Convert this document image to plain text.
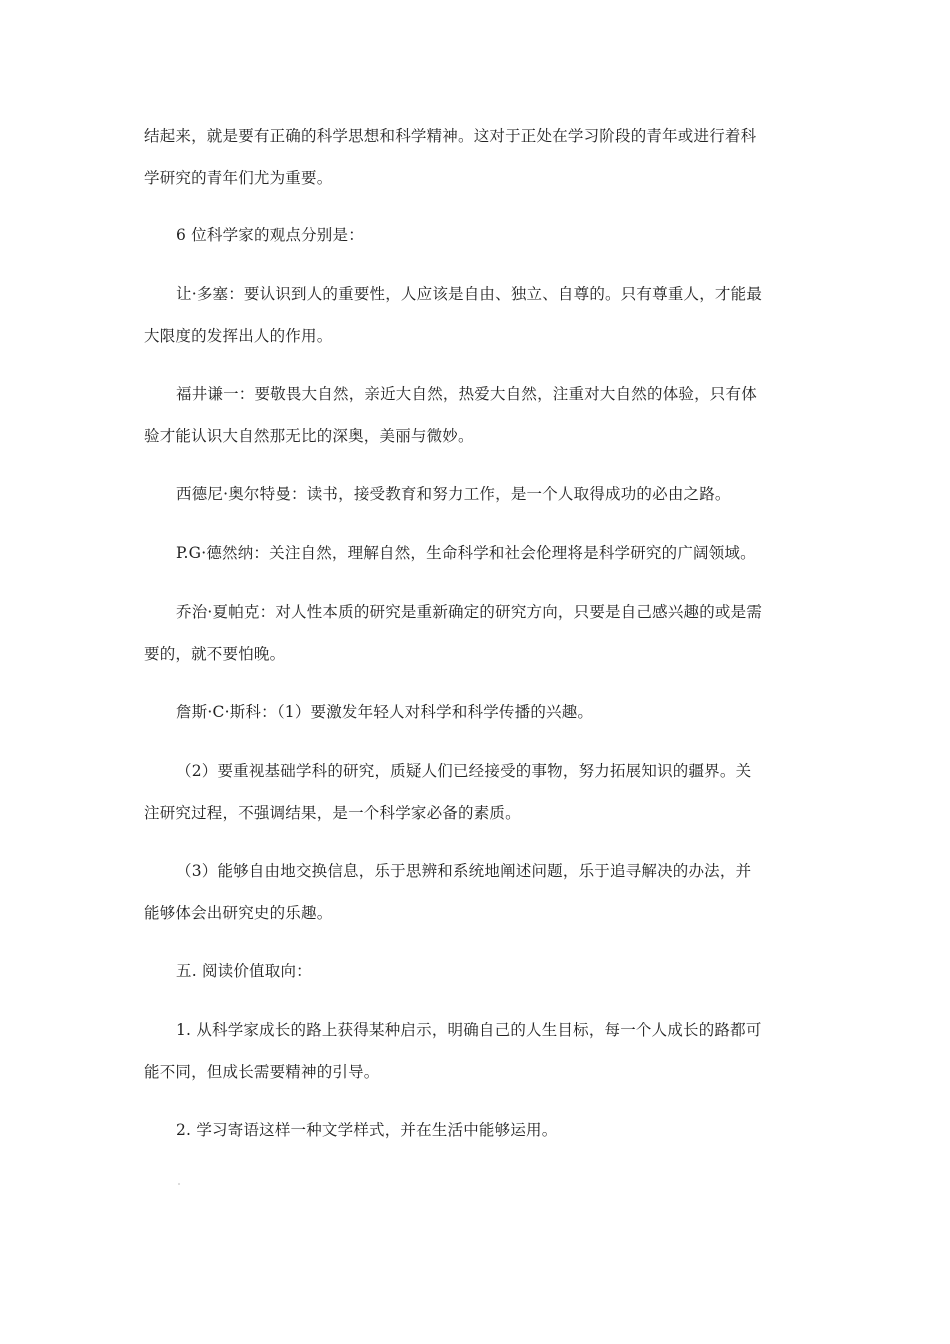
结起来，就是要有正确的科学思想和科学精神。这对于正处在学习阶段的青年或进行着科
学研究的青年们尤为重要。
6 位科学家的观点分别是：
让·多塞：要认识到人的重要性，人应该是自由、独立、自尊的。只有尊重人，才能最
大限度的发挥出人的作用。
福井谦一：要敬畏大自然，亲近大自然，热爱大自然，注重对大自然的体验，只有体
验才能认识大自然那无比的深奥，美丽与微妙。
西德尼·奥尔特曼：读书，接受教育和努力工作，是一个人取得成功的必由之路。
P.G·德然纳：关注自然，理解自然，生命科学和社会伦理将是科学研究的广阔领域。
乔治·夏帕克：对人性本质的研究是重新确定的研究方向，只要是自己感兴趣的或是需
要的，就不要怕晚。
詹斯·C·斯科：（1）要激发年轻人对科学和科学传播的兴趣。
（2）要重视基础学科的研究，质疑人们已经接受的事物，努力拓展知识的疆界。关
注研究过程，不强调结果，是一个科学家必备的素质。
（3）能够自由地交换信息，乐于思辨和系统地阐述问题，乐于追寻解决的办法，并
能够体会出研究史的乐趣。
五. 阅读价值取向：
1. 从科学家成长的路上获得某种启示，明确自己的人生目标，每一个人成长的路都可
能不同，但成长需要精神的引导。
2. 学习寄语这样一种文学样式，并在生活中能够运用。
